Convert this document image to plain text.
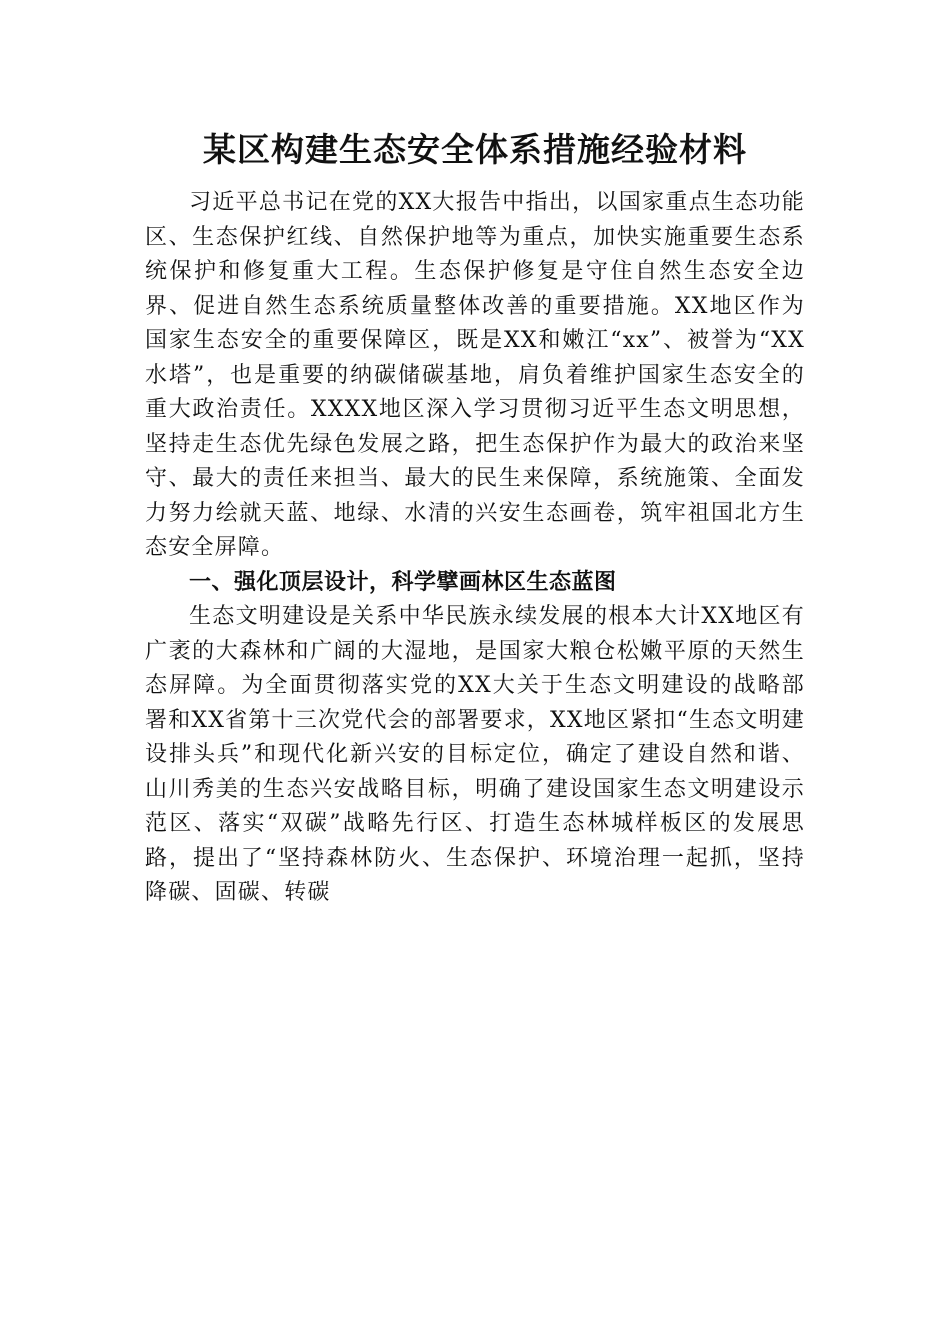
某区构建生态安全体系措施经验材料

习近平总书记在党的XX大报告中指出，以国家重点生态功能区、生态保护红线、自然保护地等为重点，加快实施重要生态系统保护和修复重大工程。生态保护修复是守住自然生态安全边界、促进自然生态系统质量整体改善的重要措施。XX地区作为国家生态安全的重要保障区，既是XX和嫩江“xx”、被誉为“XX水塔”，也是重要的纳碳储碳基地，肩负着维护国家生态安全的重大政治责任。XXXX地区深入学习贯彻习近平生态文明思想，坚持走生态优先绿色发展之路，把生态保护作为最大的政治来坚守、最大的责任来担当、最大的民生来保障，系统施策、全面发力努力绘就天蓝、地绿、水清的兴安生态画卷，筑牢祖国北方生态安全屏障。

一、强化顶层设计，科学擘画林区生态蓝图

生态文明建设是关系中华民族永续发展的根本大计XX地区有广袤的大森林和广阔的大湿地，是国家大粮仓松嫩平原的天然生态屏障。为全面贯彻落实党的XX大关于生态文明建设的战略部署和XX省第十三次党代会的部署要求，XX地区紧扣“生态文明建设排头兵”和现代化新兴安的目标定位，确定了建设自然和谐、山川秀美的生态兴安战略目标，明确了建设国家生态文明建设示范区、落实“双碳”战略先行区、打造生态林城样板区的发展思路，提出了“坚持森林防火、生态保护、环境治理一起抓，坚持降碳、固碳、转碳
